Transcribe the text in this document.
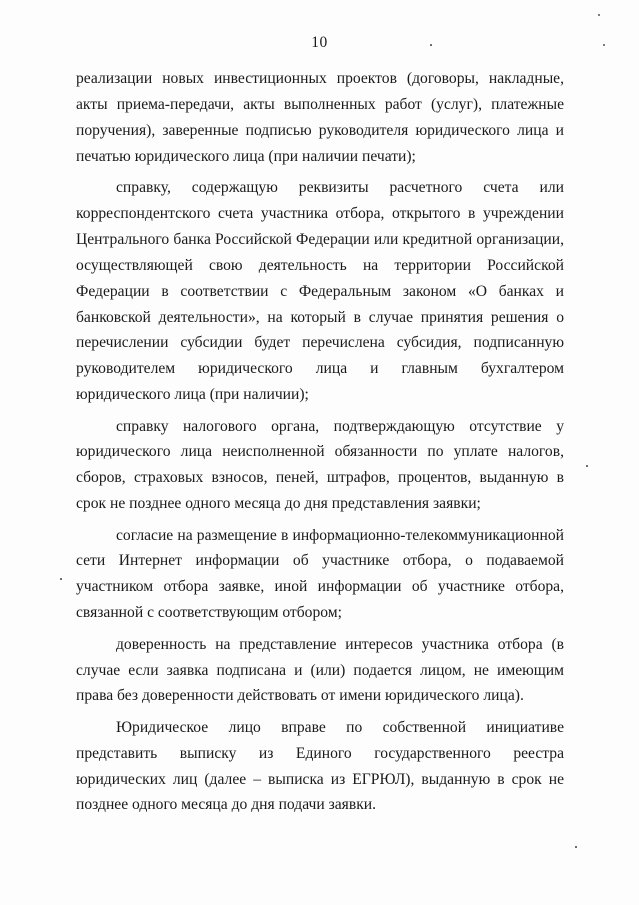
10

реализации новых инвестиционных проектов (договоры, накладные, акты приема-передачи, акты выполненных работ (услуг), платежные поручения), заверенные подписью руководителя юридического лица и печатью юридического лица (при наличии печати);

справку, содержащую реквизиты расчетного счета или корреспондентского счета участника отбора, открытого в учреждении Центрального банка Российской Федерации или кредитной организации, осуществляющей свою деятельность на территории Российской Федерации в соответствии с Федеральным законом «О банках и банковской деятельности», на который в случае принятия решения о перечислении субсидии будет перечислена субсидия, подписанную руководителем юридического лица и главным бухгалтером юридического лица (при наличии);

справку налогового органа, подтверждающую отсутствие у юридического лица неисполненной обязанности по уплате налогов, сборов, страховых взносов, пеней, штрафов, процентов, выданную в срок не позднее одного месяца до дня представления заявки;

согласие на размещение в информационно-телекоммуникационной сети Интернет информации об участнике отбора, о подаваемой участником отбора заявке, иной информации об участнике отбора, связанной с соответствующим отбором;

доверенность на представление интересов участника отбора (в случае если заявка подписана и (или) подается лицом, не имеющим права без доверенности действовать от имени юридического лица).

Юридическое лицо вправе по собственной инициативе представить выписку из Единого государственного реестра юридических лиц (далее – выписка из ЕГРЮЛ), выданную в срок не позднее одного месяца до дня подачи заявки.
